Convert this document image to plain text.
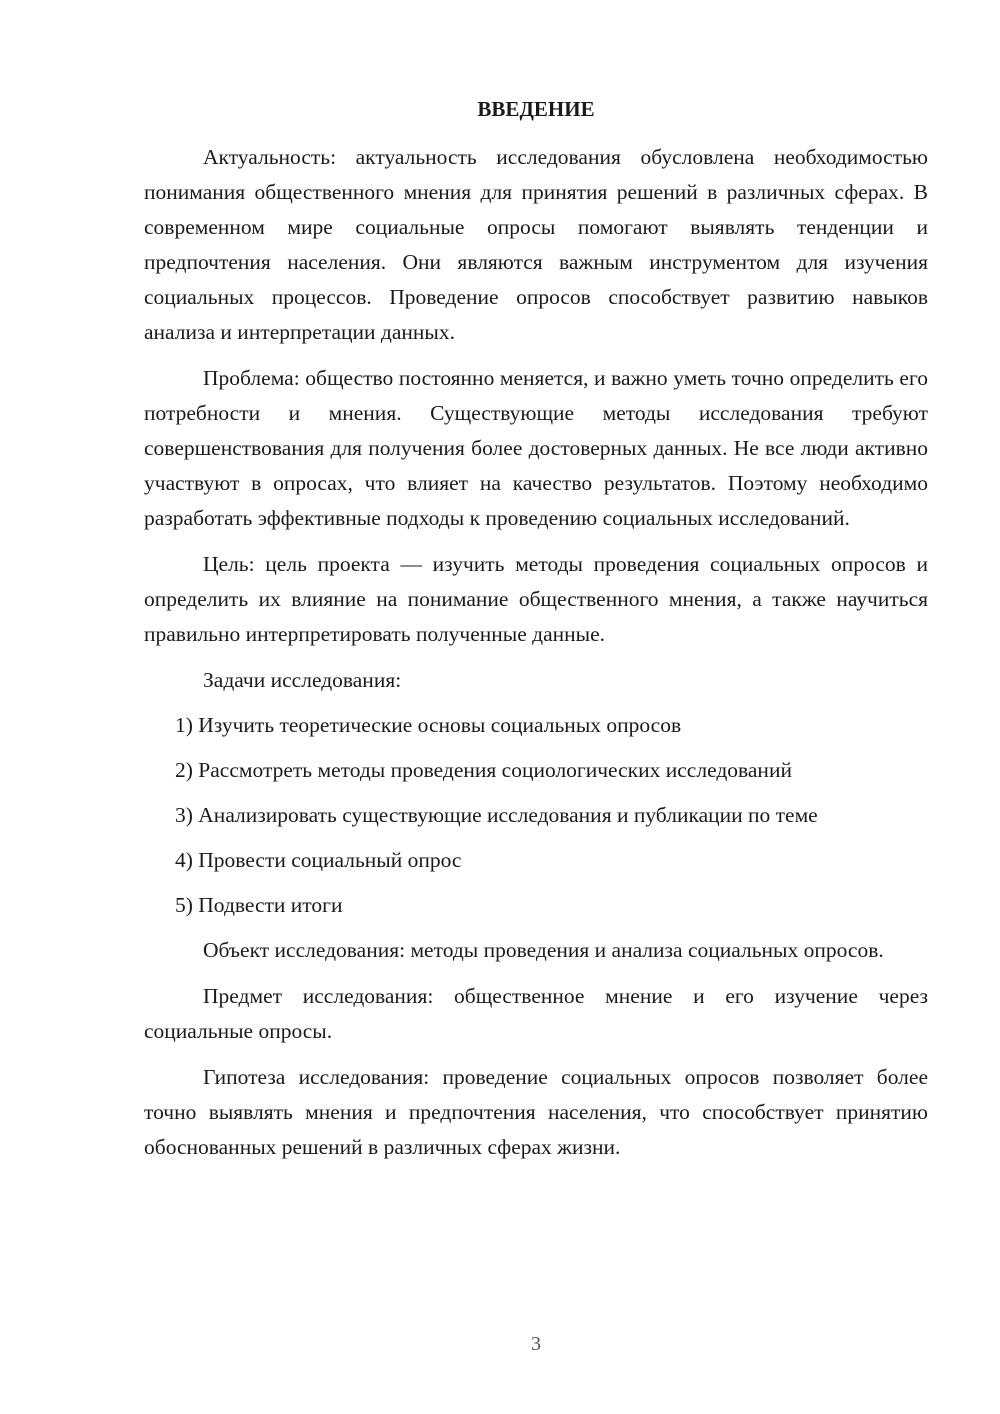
ВВЕДЕНИЕ

Актуальность: актуальность исследования обусловлена необходимостью понимания общественного мнения для принятия решений в различных сферах. В современном мире социальные опросы помогают выявлять тенденции и предпочтения населения. Они являются важным инструментом для изучения социальных процессов. Проведение опросов способствует развитию навыков анализа и интерпретации данных.

Проблема: общество постоянно меняется, и важно уметь точно определить его потребности и мнения. Существующие методы исследования требуют совершенствования для получения более достоверных данных. Не все люди активно участвуют в опросах, что влияет на качество результатов. Поэтому необходимо разработать эффективные подходы к проведению социальных исследований.

Цель: цель проекта — изучить методы проведения социальных опросов и определить их влияние на понимание общественного мнения, а также научиться правильно интерпретировать полученные данные.

Задачи исследования:

1) Изучить теоретические основы социальных опросов
2) Рассмотреть методы проведения социологических исследований
3) Анализировать существующие исследования и публикации по теме
4) Провести социальный опрос
5) Подвести итоги

Объект исследования: методы проведения и анализа социальных опросов.

Предмет исследования: общественное мнение и его изучение через социальные опросы.

Гипотеза исследования: проведение социальных опросов позволяет более точно выявлять мнения и предпочтения населения, что способствует принятию обоснованных решений в различных сферах жизни.

3
